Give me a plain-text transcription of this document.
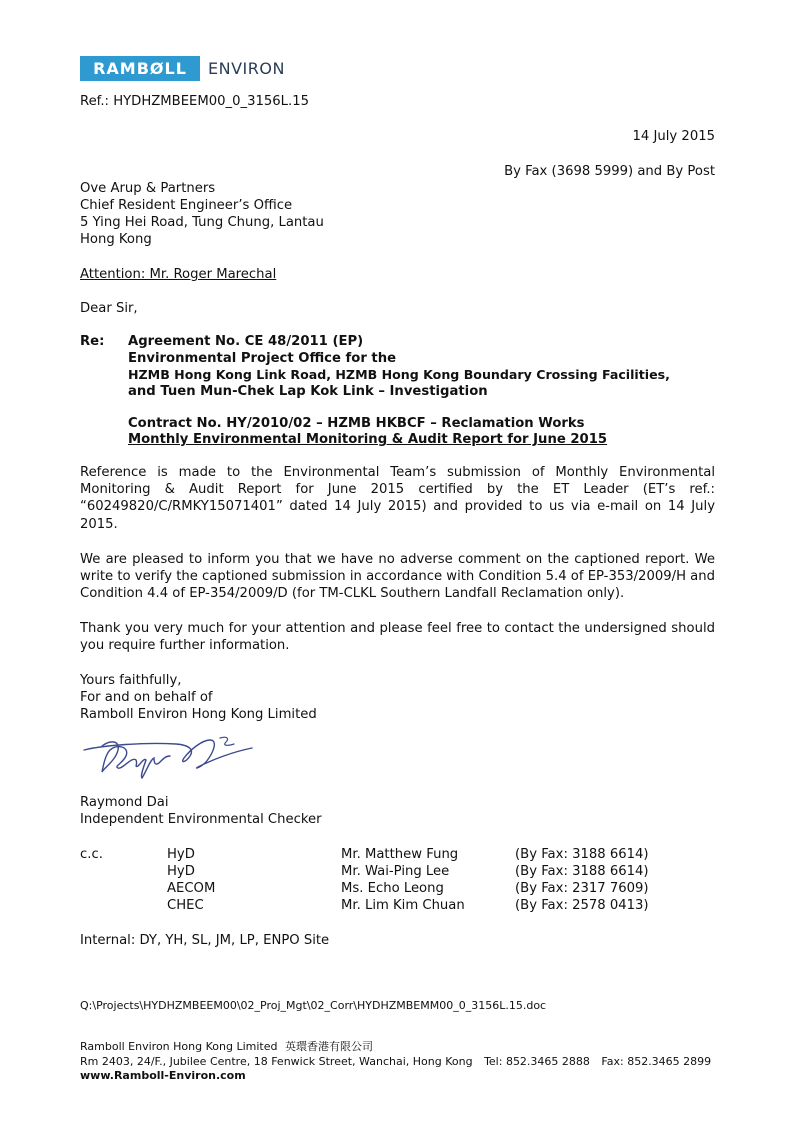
RAMBØLL ENVIRON
Ref.: HYDHZMBEEM00_0_3156L.15
14 July 2015
By Fax (3698 5999) and By Post
Ove Arup & Partners
Chief Resident Engineer’s Office
5 Ying Hei Road, Tung Chung, Lantau
Hong Kong
Attention: Mr. Roger Marechal
Dear Sir,
Re: Agreement No. CE 48/2011 (EP)
Environmental Project Office for the
HZMB Hong Kong Link Road, HZMB Hong Kong Boundary Crossing Facilities,
and Tuen Mun-Chek Lap Kok Link – Investigation
Contract No. HY/2010/02 – HZMB HKBCF – Reclamation Works
Monthly Environmental Monitoring & Audit Report for June 2015
Reference is made to the Environmental Team’s submission of Monthly Environmental Monitoring & Audit Report for June 2015 certified by the ET Leader (ET’s ref.: “60249820/C/RMKY15071401” dated 14 July 2015) and provided to us via e-mail on 14 July 2015.
We are pleased to inform you that we have no adverse comment on the captioned report. We write to verify the captioned submission in accordance with Condition 5.4 of EP-353/2009/H and Condition 4.4 of EP-354/2009/D (for TM-CLKL Southern Landfall Reclamation only).
Thank you very much for your attention and please feel free to contact the undersigned should you require further information.
Yours faithfully,
For and on behalf of
Ramboll Environ Hong Kong Limited
Raymond Dai
Independent Environmental Checker
c.c.	HyD	Mr. Matthew Fung	(By Fax: 3188 6614)
HyD	Mr. Wai-Ping Lee	(By Fax: 3188 6614)
AECOM	Ms. Echo Leong	(By Fax: 2317 7609)
CHEC	Mr. Lim Kim Chuan	(By Fax: 2578 0413)
Internal: DY, YH, SL, JM, LP, ENPO Site
Q:\Projects\HYDHZMBEEM00\02_Proj_Mgt\02_Corr\HYDHZMBEMM00_0_3156L.15.doc
Ramboll Environ Hong Kong Limited 英環香港有限公司
Rm 2403, 24/F., Jubilee Centre, 18 Fenwick Street, Wanchai, Hong Kong Tel: 852.3465 2888 Fax: 852.3465 2899
www.Ramboll-Environ.com
